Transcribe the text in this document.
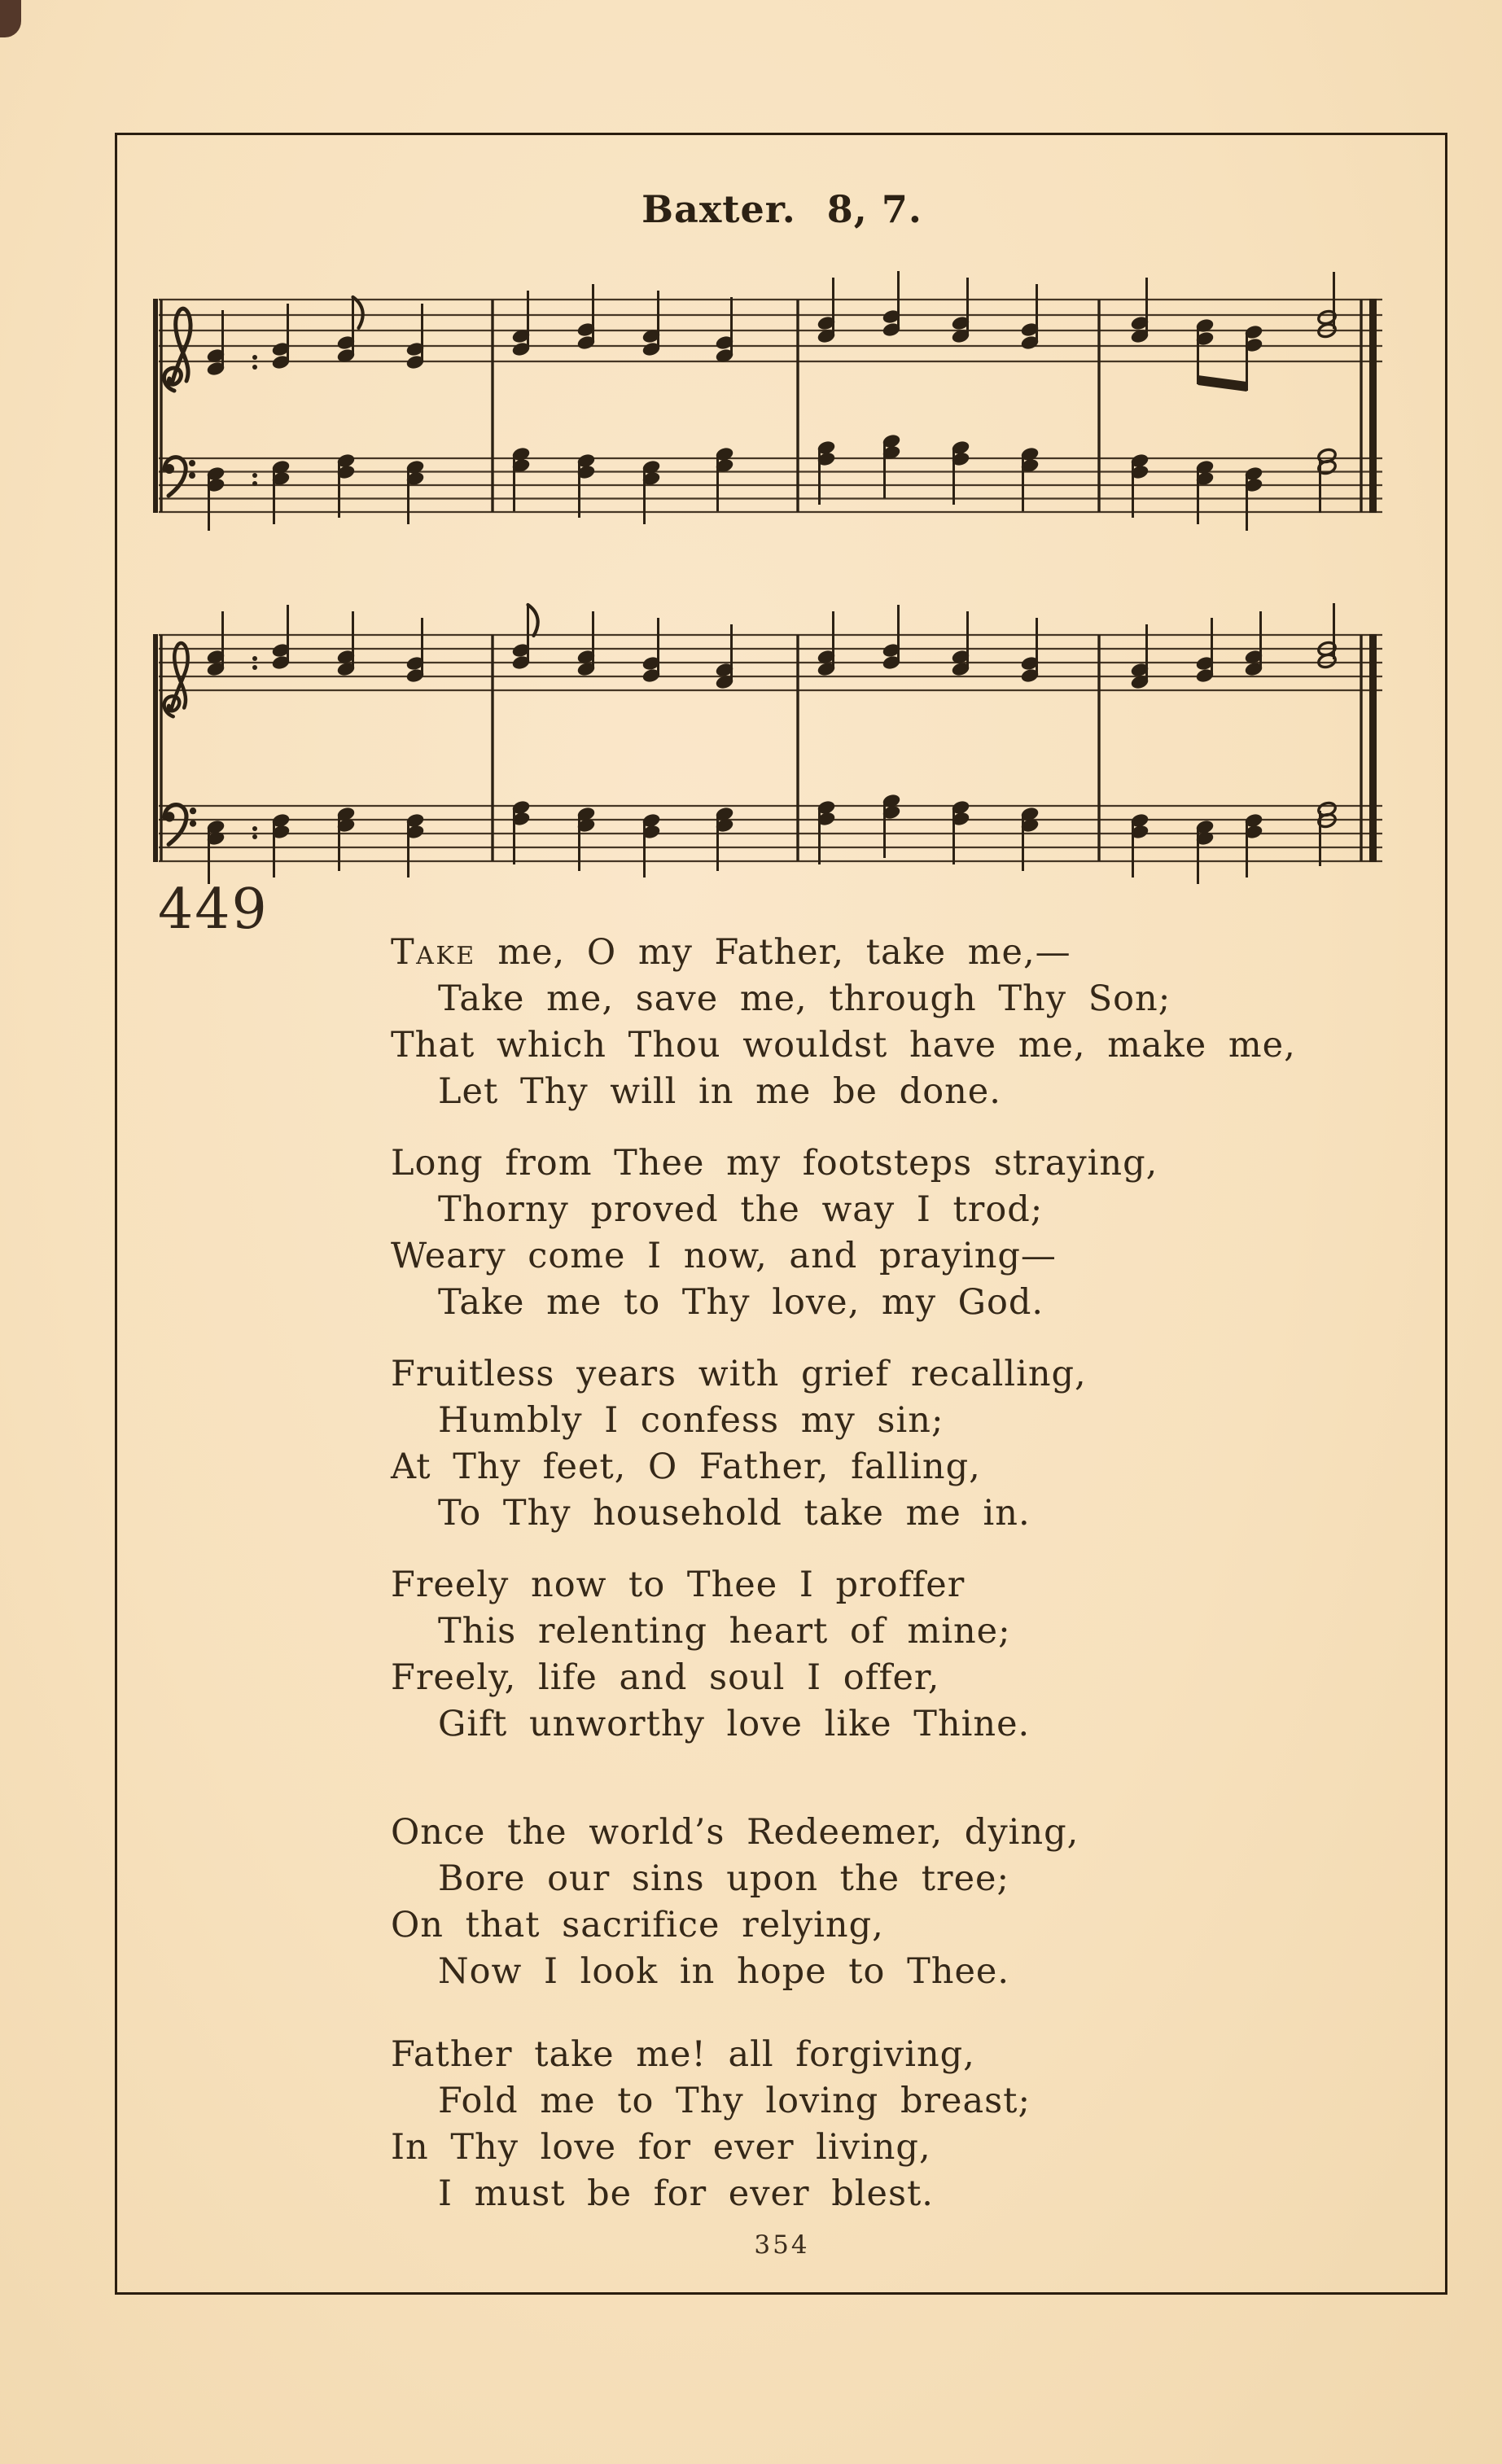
Baxter. 8, 7.
449
Take me, O my Father, take me,—
Take me, save me, through Thy Son;
That which Thou wouldst have me, make me,
Let Thy will in me be done.
Long from Thee my footsteps straying,
Thorny proved the way I trod;
Weary come I now, and praying—
Take me to Thy love, my God.
Fruitless years with grief recalling,
Humbly I confess my sin;
At Thy feet, O Father, falling,
To Thy household take me in.
Freely now to Thee I proffer
This relenting heart of mine;
Freely, life and soul I offer,
Gift unworthy love like Thine.
Once the world’s Redeemer, dying,
Bore our sins upon the tree;
On that sacrifice relying,
Now I look in hope to Thee.
Father take me! all forgiving,
Fold me to Thy loving breast;
In Thy love for ever living,
I must be for ever blest.
354
